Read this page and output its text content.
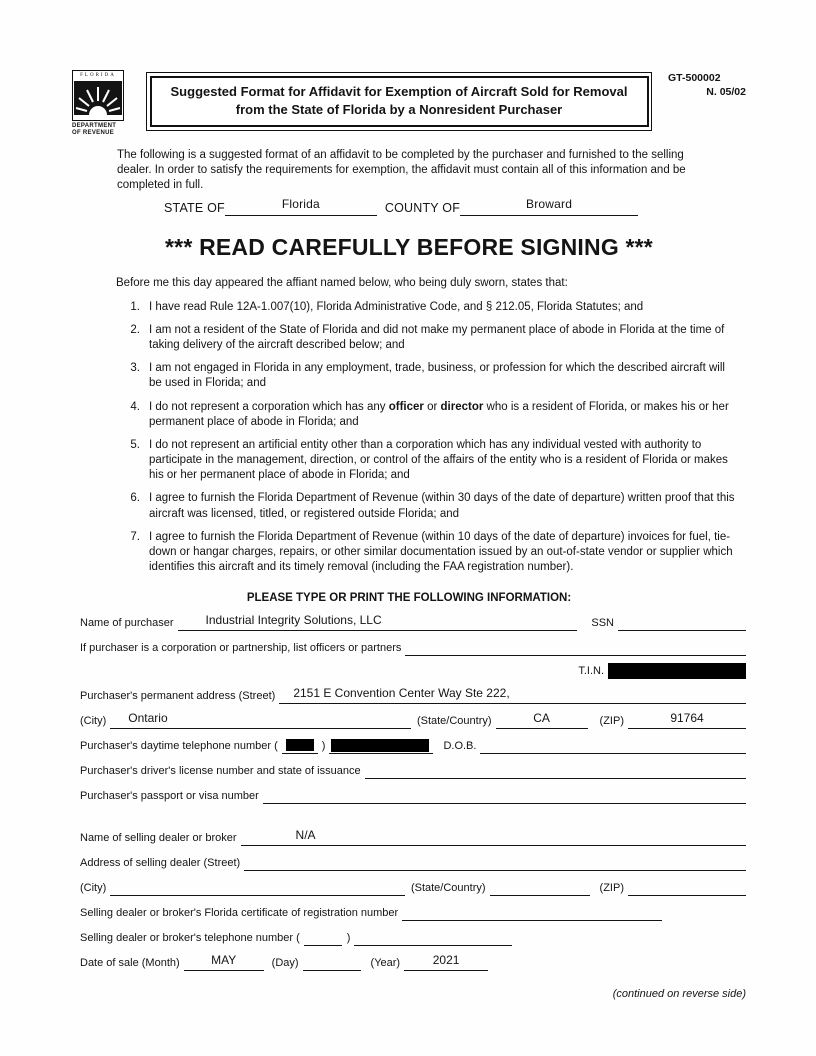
FLORIDA
DEPARTMENT
OF REVENUE
Suggested Format for Affidavit for Exemption of Aircraft Sold for Removal from the State of Florida by a Nonresident Purchaser
GT-500002
N. 05/02

The following is a suggested format of an affidavit to be completed by the purchaser and furnished to the selling dealer. In order to satisfy the requirements for exemption, the affidavit must contain all of this information and be completed in full.

STATE OF	Florida	COUNTY OF	Broward
*** READ CAREFULLY BEFORE SIGNING ***

Before me this day appeared the affiant named below, who being duly sworn, states that:

1. I have read Rule 12A-1.007(10), Florida Administrative Code, and § 212.05, Florida Statutes; and
2. I am not a resident of the State of Florida and did not make my permanent place of abode in Florida at the time of taking delivery of the aircraft described below; and
3. I am not engaged in Florida in any employment, trade, business, or profession for which the described aircraft will be used in Florida; and
4. I do not represent a corporation which has any officer or director who is a resident of Florida, or makes his or her permanent place of abode in Florida; and
5. I do not represent an artificial entity other than a corporation which has any individual vested with authority to participate in the management, direction, or control of the affairs of the entity who is a resident of Florida or makes his or her permanent place of abode in Florida; and
6. I agree to furnish the Florida Department of Revenue (within 30 days of the date of departure) written proof that this aircraft was licensed, titled, or registered outside Florida; and
7. I agree to furnish the Florida Department of Revenue (within 10 days of the date of departure) invoices for fuel, tie-down or hangar charges, repairs, or other similar documentation issued by an out-of-state vendor or supplier which identifies this aircraft and its timely removal (including the FAA registration number).
PLEASE TYPE OR PRINT THE FOLLOWING INFORMATION:
Name of purchaser	Industrial Integrity Solutions, LLC	SSN
If purchaser is a corporation or partnership, list officers or partners
T.I.N.
Purchaser's permanent address (Street)	2151 E Convention Center Way Ste 222,
(City)	Ontario	(State/Country)	CA	(ZIP)	91764
Purchaser's daytime telephone number (	)	D.O.B.
Purchaser's driver's license number and state of issuance
Purchaser's passport or visa number
Name of selling dealer or broker	N/A
Address of selling dealer (Street)
(City)	(State/Country)	(ZIP)
Selling dealer or broker's Florida certificate of registration number
Selling dealer or broker's telephone number (	)
Date of sale (Month)	MAY	(Day)	(Year)	2021
(continued on reverse side)
